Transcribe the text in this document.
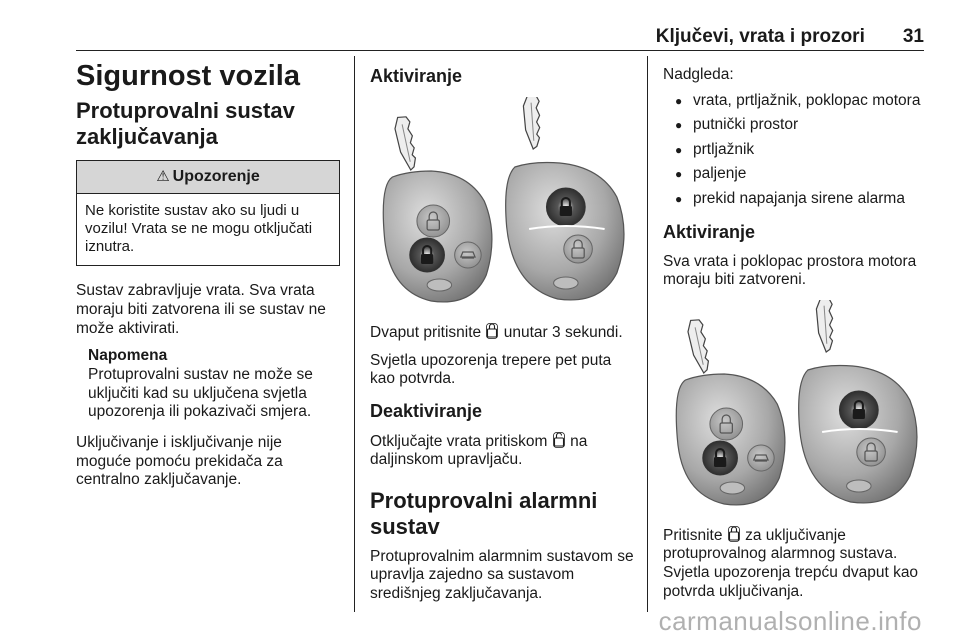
Ključevi, vrata i prozori 31
Sigurnost vozila
Protuprovalni sustav zaključavanja
⚠ Upozorenje
Ne koristite sustav ako su ljudi u vozilu! Vrata se ne mogu otključati iznutra.

Sustav zabravljuje vrata. Sva vrata moraju biti zatvorena ili se sustav ne može aktivirati.

Napomena

Protuprovalni sustav ne može se uključiti kad su uključena svjetla upozorenja ili pokazivači smjera.

Uključivanje i isključivanje nije moguće pomoću prekidača za centralno zaključavanje.

Aktiviranje

Dvaput pritisnite unutar 3 sekundi.

Svjetla upozorenja trepere pet puta kao potvrda.

Deaktiviranje

Otključajte vrata pritiskom na daljinskom upravljaču.

Protuprovalni alarmni sustav

Protuprovalnim alarmnim sustavom se upravlja zajedno sa sustavom središnjeg zaključavanja.

Nadgleda:

● vrata, prtljažnik, poklopac motora
● putnički prostor
● prtljažnik
● paljenje
● prekid napajanja sirene alarma
Aktiviranje

Sva vrata i poklopac prostora motora moraju biti zatvoreni.

Pritisnite za uključivanje protuprovalnog alarmnog sustava. Svjetla upozorenja trepću dvaput kao potvrda uključivanja.

carmanualsonline.info
